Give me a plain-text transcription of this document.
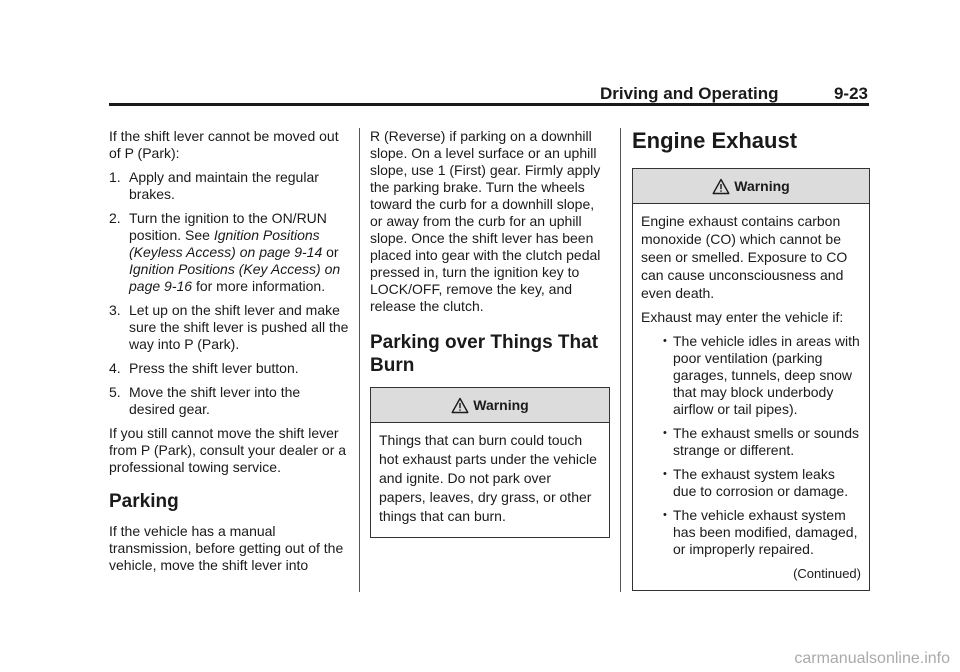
Driving and Operating	9-23

If the shift lever cannot be moved out of P (Park):

1. Apply and maintain the regular brakes.
2. Turn the ignition to the ON/RUN position. See Ignition Positions (Keyless Access) on page 9-14 or Ignition Positions (Key Access) on page 9-16 for more information.
3. Let up on the shift lever and make sure the shift lever is pushed all the way into P (Park).
4. Press the shift lever button.
5. Move the shift lever into the desired gear.

If you still cannot move the shift lever from P (Park), consult your dealer or a professional towing service.

Parking

If the vehicle has a manual transmission, before getting out of the vehicle, move the shift lever into

R (Reverse) if parking on a downhill slope. On a level surface or an uphill slope, use 1 (First) gear. Firmly apply the parking brake. Turn the wheels toward the curb for a downhill slope, or away from the curb for an uphill slope. Once the shift lever has been placed into gear with the clutch pedal pressed in, turn the ignition key to LOCK/OFF, remove the key, and release the clutch.

Parking over Things That Burn
Warning

Things that can burn could touch hot exhaust parts under the vehicle and ignite. Do not park over papers, leaves, dry grass, or other things that can burn.

Engine Exhaust
Warning

Engine exhaust contains carbon monoxide (CO) which cannot be seen or smelled. Exposure to CO can cause unconsciousness and even death.

Exhaust may enter the vehicle if:

• The vehicle idles in areas with poor ventilation (parking garages, tunnels, deep snow that may block underbody airflow or tail pipes).
• The exhaust smells or sounds strange or different.
• The exhaust system leaks due to corrosion or damage.
• The vehicle exhaust system has been modified, damaged, or improperly repaired.
(Continued)
carmanualsonline.info
